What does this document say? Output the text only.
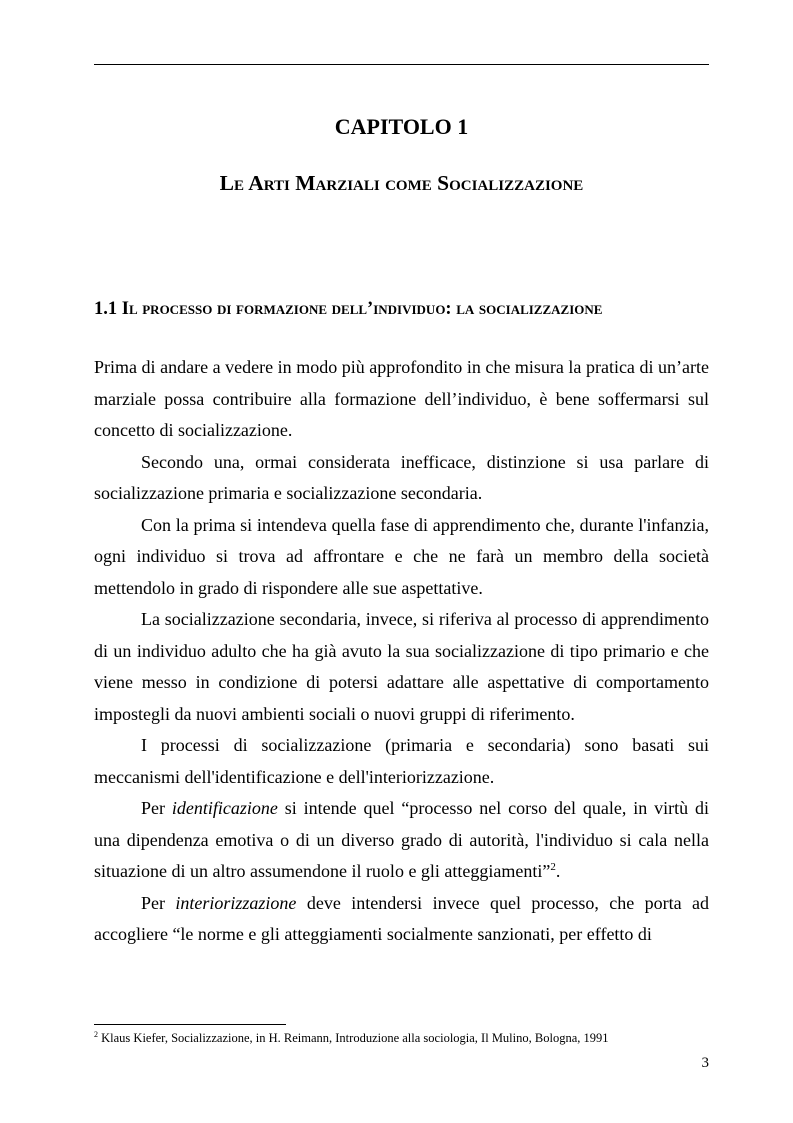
CAPITOLO 1
Le Arti Marziali come Socializzazione
1.1 Il processo di formazione dell’individuo: la socializzazione

Prima di andare a vedere in modo più approfondito in che misura la pratica di un’arte marziale possa contribuire alla formazione dell’individuo, è bene soffermarsi sul concetto di socializzazione.

Secondo una, ormai considerata inefficace, distinzione si usa parlare di socializzazione primaria e socializzazione secondaria.

Con la prima si intendeva quella fase di apprendimento che, durante l'infanzia, ogni individuo si trova ad affrontare e che ne farà un membro della società mettendolo in grado di rispondere alle sue aspettative.

La socializzazione secondaria, invece, si riferiva al processo di apprendimento di un individuo adulto che ha già avuto la sua socializzazione di tipo primario e che viene messo in condizione di potersi adattare alle aspettative di comportamento impostegli da nuovi ambienti sociali o nuovi gruppi di riferimento.

I processi di socializzazione (primaria e secondaria) sono basati sui meccanismi dell'identificazione e dell'interiorizzazione.

Per identificazione si intende quel “processo nel corso del quale, in virtù di una dipendenza emotiva o di un diverso grado di autorità, l'individuo si cala nella situazione di un altro assumendone il ruolo e gli atteggiamenti”$^2$.

Per interiorizzazione deve intendersi invece quel processo, che porta ad accogliere “le norme e gli atteggiamenti socialmente sanzionati, per effetto di

$^2$ Klaus Kiefer, Socializzazione, in H. Reimann, Introduzione alla sociologia, Il Mulino, Bologna, 1991
3
